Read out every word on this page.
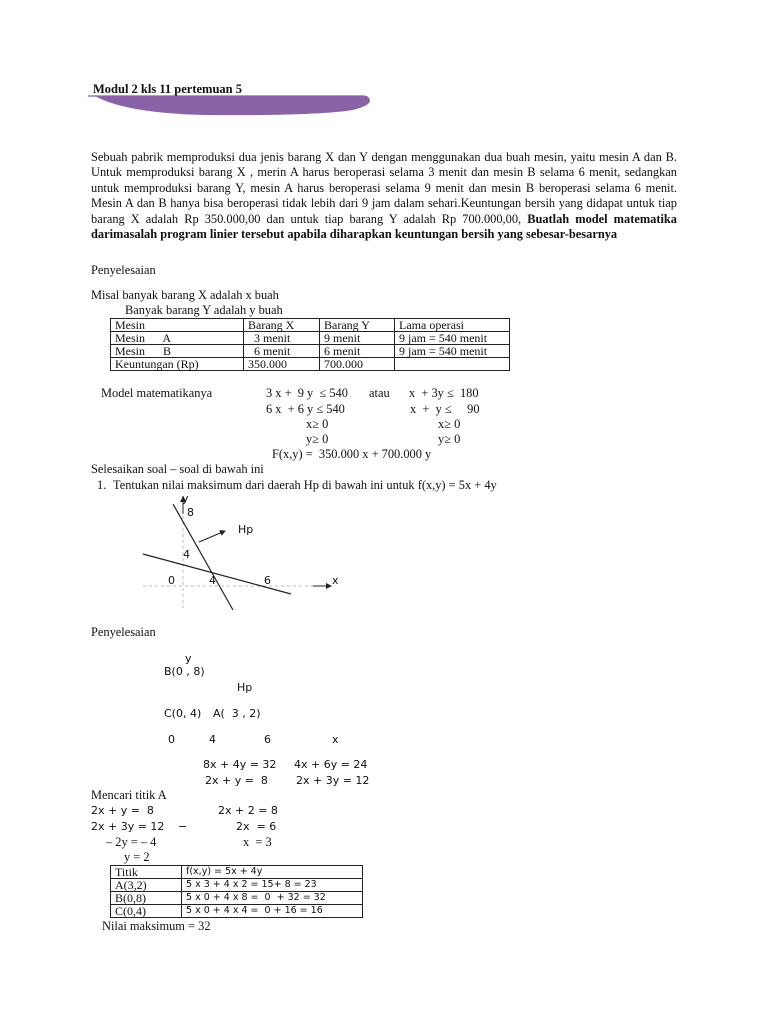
Modul 2 kls 11 pertemuan 5
Sebuah pabrik memproduksi dua jenis barang X dan Y dengan menggunakan dua buah mesin, yaitu mesin A dan B. Untuk memproduksi barang X , merin A harus beroperasi selama 3 menit dan mesin B selama 6 menit, sedangkan untuk memproduksi barang Y, mesin A harus beroperasi selama 9 menit dan mesin B beroperasi selama 6 menit. Mesin A dan B hanya bisa beroperasi tidak lebih dari 9 jam dalam sehari.Keuntungan bersih yang didapat untuk tiap barang X adalah Rp 350.000,00 dan untuk tiap barang Y adalah Rp 700.000,00, Buatlah model matematika darimasalah program linier tersebut apabila diharapkan keuntungan bersih yang sebesar-besarnya
Penyelesaian
Misal banyak barang X adalah x buah
Banyak barang Y adalah y buah
Mesin	Barang X	Barang Y	Lama operasi
Mesin      A	3 menit	9 menit	9 jam = 540 menit
Mesin      B	6 menit	6 menit	9 jam = 540 menit
Keuntungan (Rp)	350.000	700.000	
Model matematikanya	3 x +  9 y  ≤ 540 atau x  + 3y ≤  180
6 x  + 6 y ≤ 540	x  +  y ≤     90
x≥ 0	x≥ 0
y≥ 0	y≥ 0
F(x,y) =  350.000 x + 700.000 y
Selesaikan soal – soal di bawah ini
1. Tentukan nilai maksimum dari daerah Hp di bawah ini untuk f(x,y) = 5x + 4y
y
8
Hp
4
0	4	6	x
Penyelesaian
y
B(0 , 8)
Hp
C(0, 4) A(  3 , 2)
0	4	6	x
8x + 4y = 32
2x + y =  8
4x + 6y = 24
2x + 3y = 12
Mencari titik A
2x + y =  8
2x + 3y = 12 −
– 2y = – 4
y = 2
2x + 2 = 8
2x  = 6
x  = 3
Titik	f(x,y) = 5x + 4y
A(3,2)	5 x 3 + 4 x 2 = 15+ 8 = 23
B(0,8)	5 x 0 + 4 x 8 =  0  + 32 = 32
C(0,4)	5 x 0 + 4 x 4 =  0 + 16 = 16
Nilai maksimum = 32
